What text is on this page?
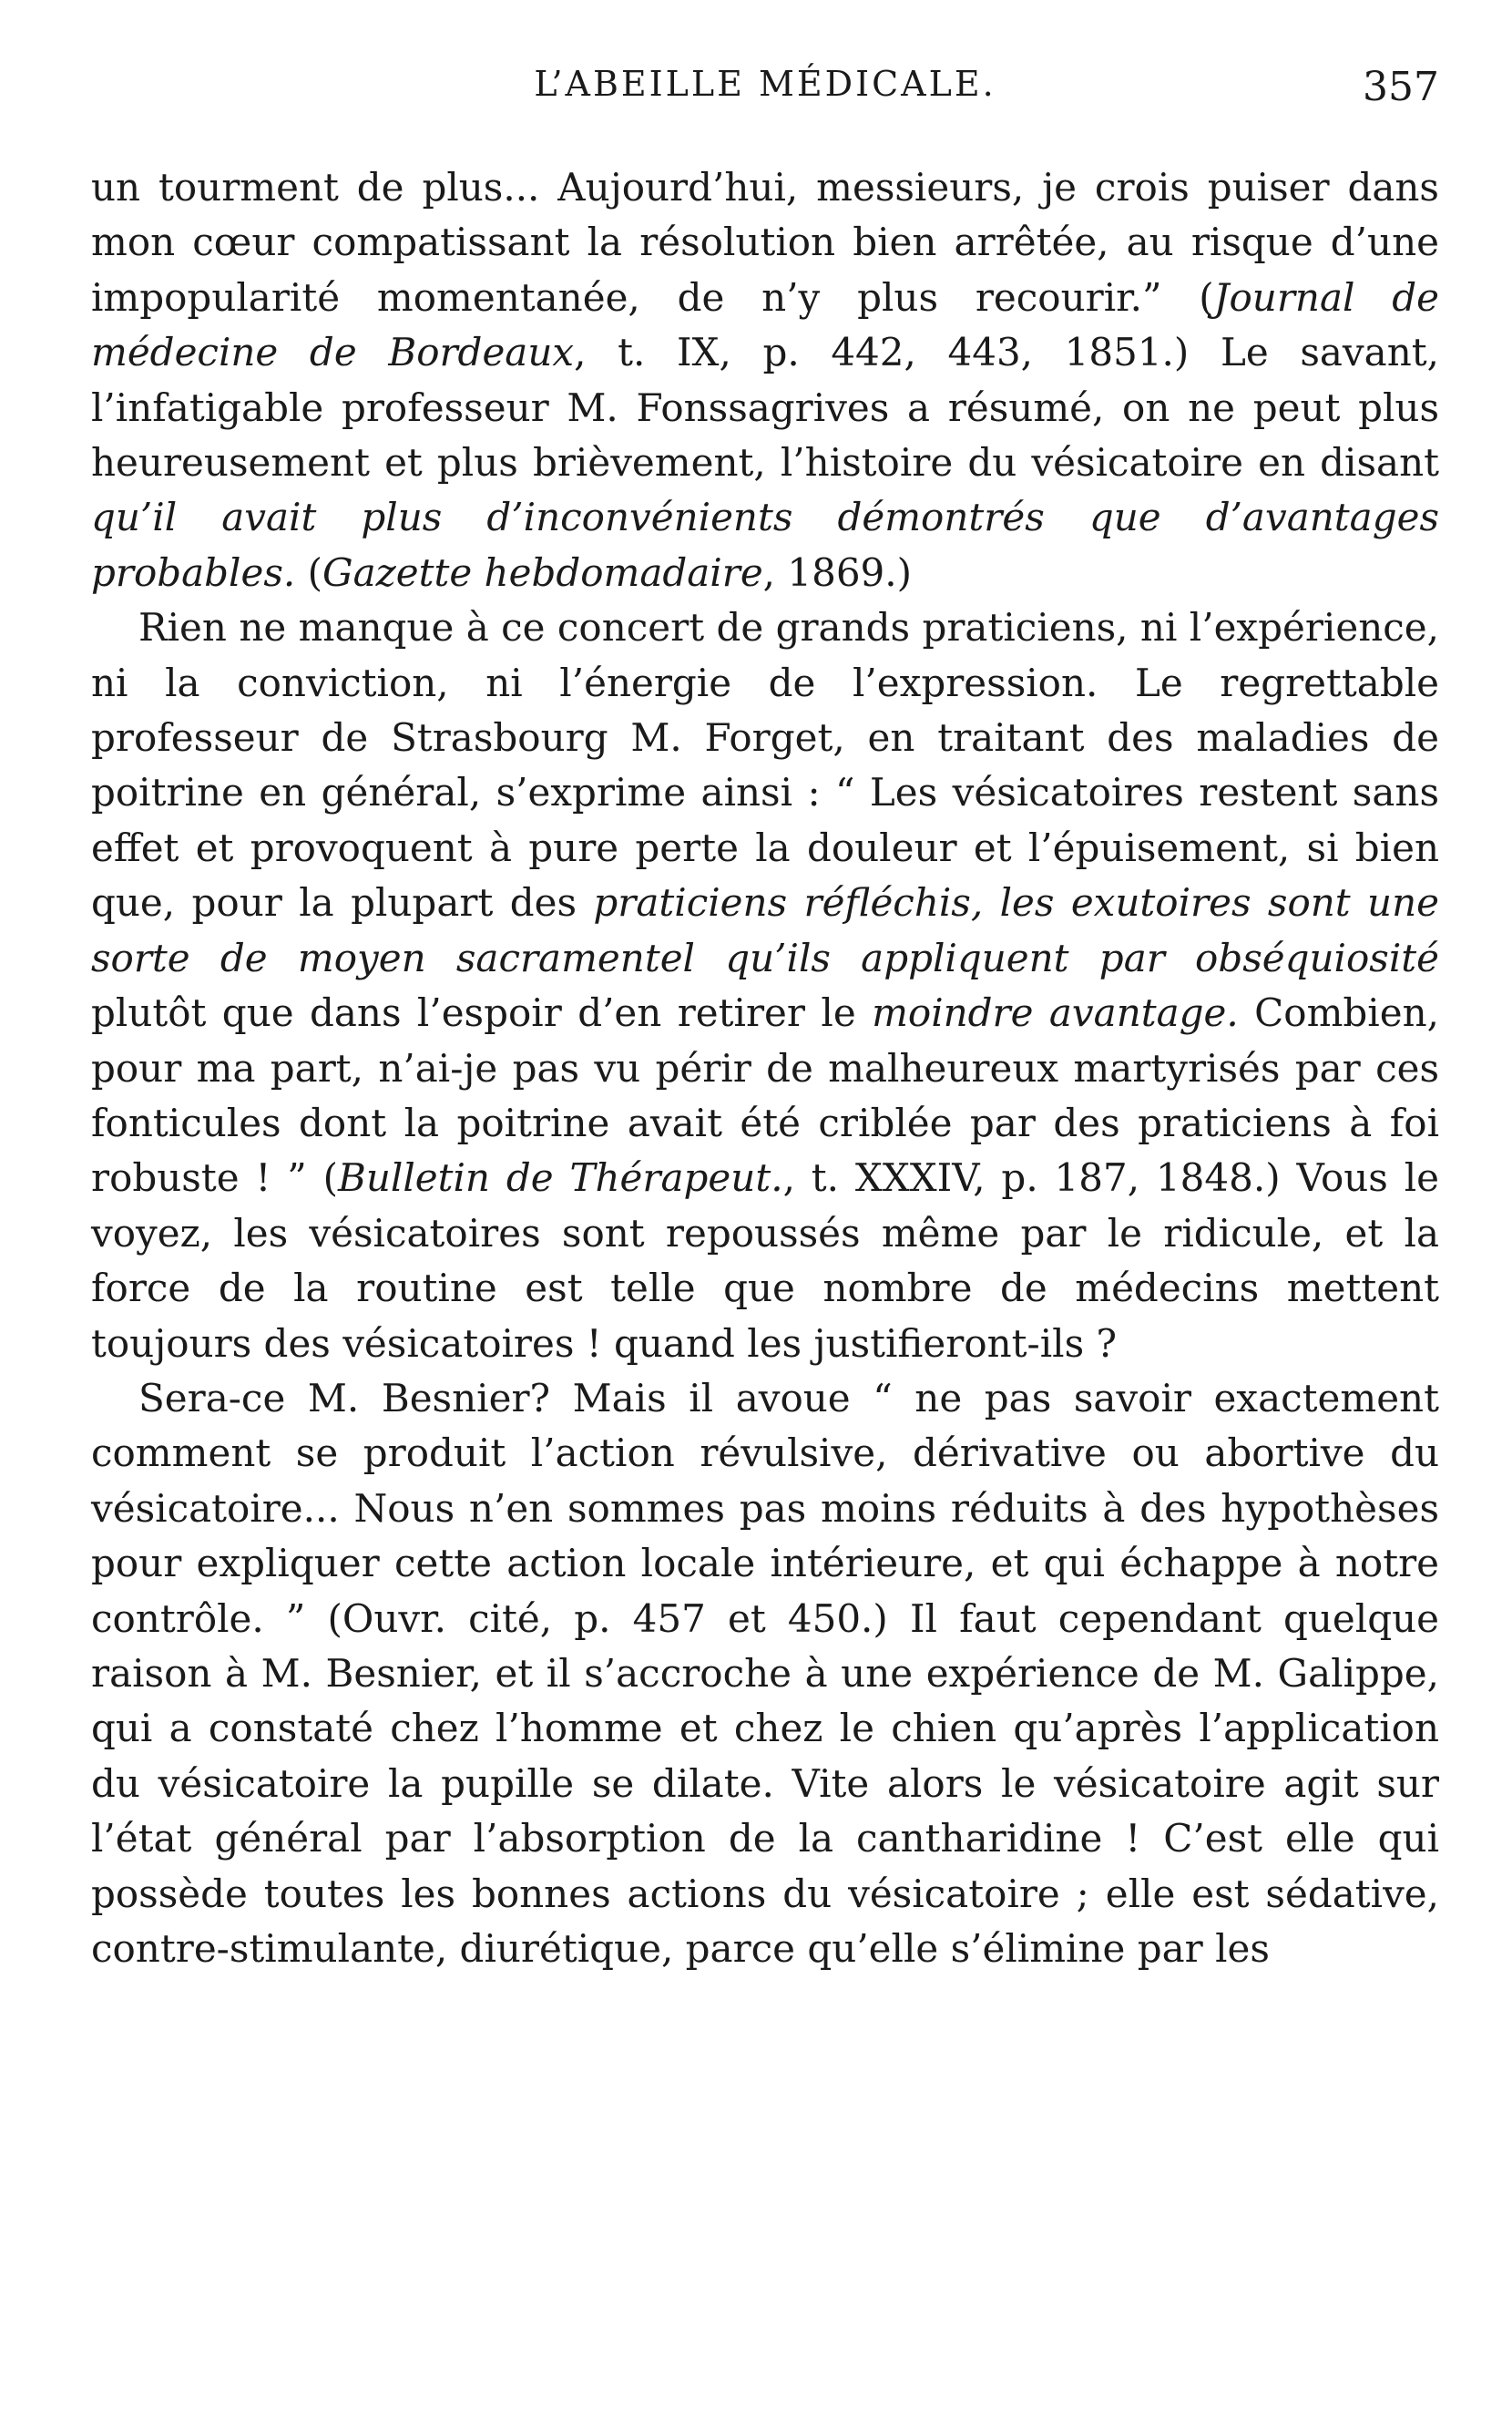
L’ABEILLE MÉDICALE.	357

un tourment de plus... Aujourd’hui, messieurs, je crois puiser dans mon cœur compatissant la résolution bien arrêtée, au risque d’une impopularité momentanée, de n’y plus recourir.” (Journal de médecine de Bordeaux, t. IX, p. 442, 443, 1851.) Le savant, l’infatigable professeur M. Fonssagrives a résumé, on ne peut plus heureusement et plus brièvement, l’histoire du vésicatoire en disant qu’il avait plus d’inconvénients démontrés que d’avantages probables. (Gazette hebdomadaire, 1869.)

Rien ne manque à ce concert de grands praticiens, ni l’expérience, ni la conviction, ni l’énergie de l’expression. Le regrettable professeur de Strasbourg M. Forget, en traitant des maladies de poitrine en général, s’exprime ainsi : “ Les vésicatoires restent sans effet et provoquent à pure perte la douleur et l’épuisement, si bien que, pour la plupart des praticiens réfléchis, les exutoires sont une sorte de moyen sacramentel qu’ils appliquent par obséquiosité plutôt que dans l’espoir d’en retirer le moindre avantage. Combien, pour ma part, n’ai-je pas vu périr de malheureux martyrisés par ces fonticules dont la poitrine avait été criblée par des praticiens à foi robuste ! ” (Bulletin de Thérapeut., t. XXXIV, p. 187, 1848.) Vous le voyez, les vésicatoires sont repoussés même par le ridicule, et la force de la routine est telle que nombre de médecins mettent toujours des vésicatoires ! quand les justifieront-ils ?

Sera-ce M. Besnier? Mais il avoue “ ne pas savoir exactement comment se produit l’action révulsive, dérivative ou abortive du vésicatoire... Nous n’en sommes pas moins réduits à des hypothèses pour expliquer cette action locale intérieure, et qui échappe à notre contrôle. ” (Ouvr. cité, p. 457 et 450.) Il faut cependant quelque raison à M. Besnier, et il s’accroche à une expérience de M. Galippe, qui a constaté chez l’homme et chez le chien qu’après l’application du vésicatoire la pupille se dilate. Vite alors le vésicatoire agit sur l’état général par l’absorption de la cantharidine ! C’est elle qui possède toutes les bonnes actions du vésicatoire ; elle est sédative, contre-stimulante, diurétique, parce qu’elle s’élimine par les
